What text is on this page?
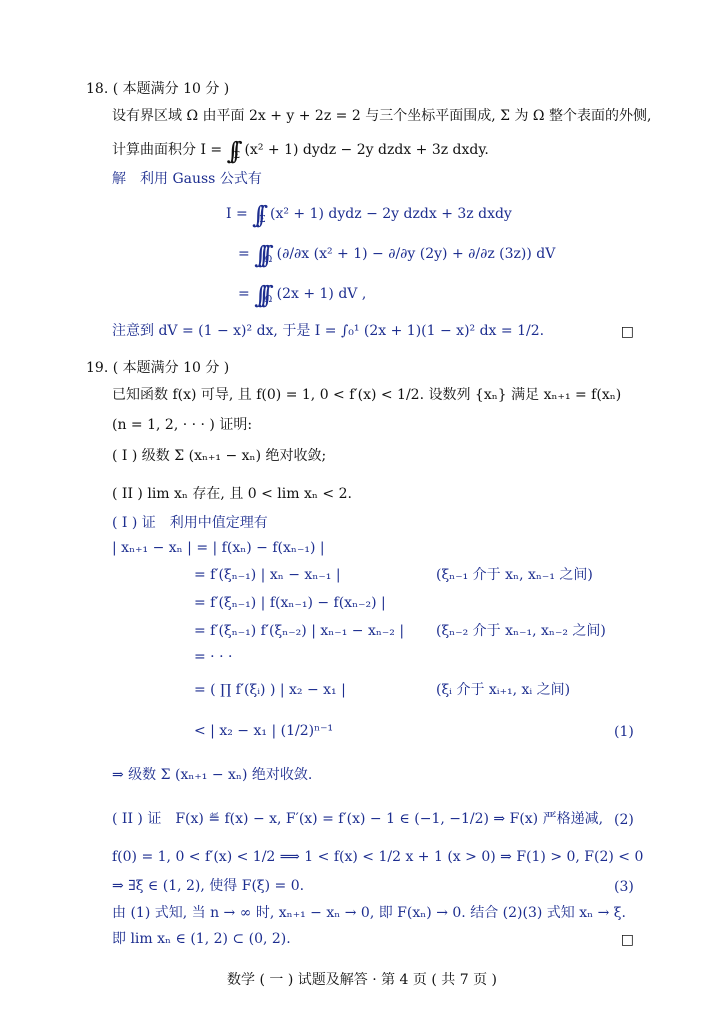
18. ( 本题满分 10 分 )
设有界区域 Ω 由平面 2x + y + 2z = 2 与三个坐标平面围成, Σ 为 Ω 整个表面的外侧,
计算曲面积分 $I = \int\int_\Sigma$ (x² + 1) dydz − 2y dzdx + 3z dxdy.
解　利用 Gauss 公式有
$I = \int\int_\Sigma$ (x² + 1) dydz − 2y dzdx + 3z dxdy
= $\int\int\int_\Omega$ (∂/∂x (x² + 1) − ∂/∂y (2y) + ∂/∂z (3z)) dV
= $\int\int\int_\Omega$ (2x + 1) dV ,
注意到 dV = (1 − x)² dx, 于是 I = ∫₀¹ (2x + 1)(1 − x)² dx = 1/2.	□
19. ( 本题满分 10 分 )
已知函数 f(x) 可导, 且 f(0) = 1, 0 < f′(x) < 1/2. 设数列 {xₙ} 满足 xₙ₊₁ = f(xₙ)
(n = 1, 2, · · · ) 证明:
( I ) 级数 Σ (xₙ₊₁ − xₙ) 绝对收敛;
( II ) lim xₙ 存在, 且 0 < lim xₙ < 2.
( I ) 证　利用中值定理有
| xₙ₊₁ − xₙ | = | f(xₙ) − f(xₙ₋₁) |
= f′(ξₙ₋₁) | xₙ − xₙ₋₁ |	(ξₙ₋₁ 介于 xₙ, xₙ₋₁ 之间)
= f′(ξₙ₋₁) | f(xₙ₋₁) − f(xₙ₋₂) |
= f′(ξₙ₋₁) f′(ξₙ₋₂) | xₙ₋₁ − xₙ₋₂ | (ξₙ₋₂ 介于 xₙ₋₁, xₙ₋₂ 之间)
= · · ·
= ( ∏ f′(ξᵢ) ) | x₂ − x₁ |	(ξᵢ 介于 xᵢ₊₁, xᵢ 之间)
< | x₂ − x₁ | (1/2)ⁿ⁻¹	(1)
⇒ 级数 Σ (xₙ₊₁ − xₙ) 绝对收敛.
( II ) 证　F(x) ≝ f(x) − x, F′(x) = f′(x) − 1 ∈ (−1, −1/2) ⇒ F(x) 严格递减, (2)
f(0) = 1, 0 < f′(x) < 1/2 ⟹ 1 < f(x) < 1/2 x + 1 (x > 0) ⇒ F(1) > 0, F(2) < 0
⇒ ∃ξ ∈ (1, 2), 使得 F(ξ) = 0.	(3)
由 (1) 式知, 当 n → ∞ 时, xₙ₊₁ − xₙ → 0, 即 F(xₙ) → 0. 结合 (2)(3) 式知 xₙ → ξ.
即 lim xₙ ∈ (1, 2) ⊂ (0, 2).	□
数学 ( 一 ) 试题及解答 · 第 4 页 ( 共 7 页 )
